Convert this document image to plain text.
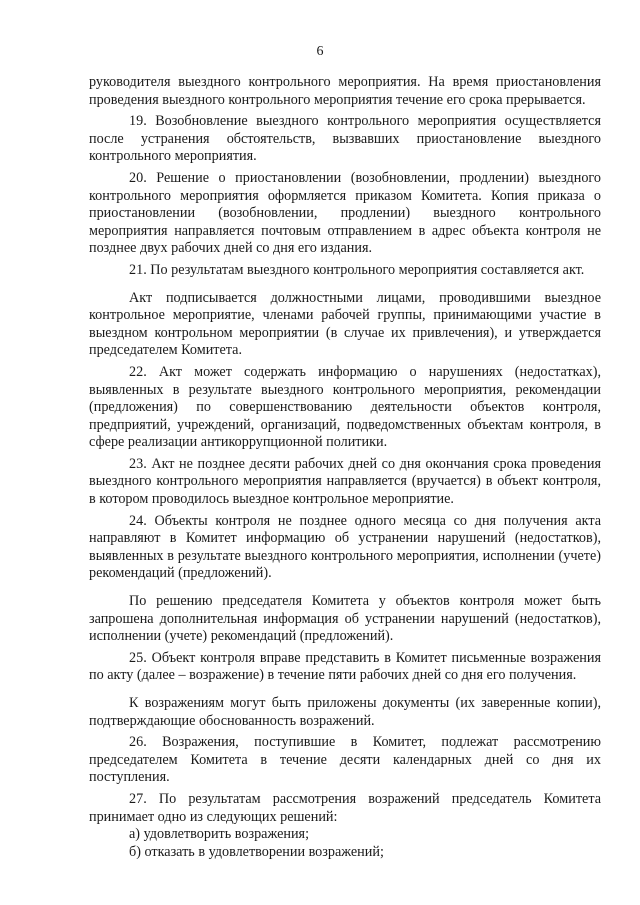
6

руководителя выездного контрольного мероприятия. На время приостановления проведения выездного контрольного мероприятия течение его срока прерывается.

19. Возобновление выездного контрольного мероприятия осуществляется после устранения обстоятельств, вызвавших приостановление выездного контрольного мероприятия.

20. Решение о приостановлении (возобновлении, продлении) выездного контрольного мероприятия оформляется приказом Комитета. Копия приказа о приостановлении (возобновлении, продлении) выездного контрольного мероприятия направляется почтовым отправлением в адрес объекта контроля не позднее двух рабочих дней со дня его издания.

21. По результатам выездного контрольного мероприятия составляется акт.

Акт подписывается должностными лицами, проводившими выездное контрольное мероприятие, членами рабочей группы, принимающими участие в выездном контрольном мероприятии (в случае их привлечения), и утверждается председателем Комитета.

22. Акт может содержать информацию о нарушениях (недостатках), выявленных в результате выездного контрольного мероприятия, рекомендации (предложения) по совершенствованию деятельности объектов контроля, предприятий, учреждений, организаций, подведомственных объектам контроля, в сфере реализации антикоррупционной политики.

23. Акт не позднее десяти рабочих дней со дня окончания срока проведения выездного контрольного мероприятия направляется (вручается) в объект контроля, в котором проводилось выездное контрольное мероприятие.

24. Объекты контроля не позднее одного месяца со дня получения акта направляют в Комитет информацию об устранении нарушений (недостатков), выявленных в результате выездного контрольного мероприятия, исполнении (учете) рекомендаций (предложений).

По решению председателя Комитета у объектов контроля может быть запрошена дополнительная информация об устранении нарушений (недостатков), исполнении (учете) рекомендаций (предложений).

25. Объект контроля вправе представить в Комитет письменные возражения по акту (далее – возражение) в течение пяти рабочих дней со дня его получения.

К возражениям могут быть приложены документы (их заверенные копии), подтверждающие обоснованность возражений.

26. Возражения, поступившие в Комитет, подлежат рассмотрению председателем Комитета в течение десяти календарных дней со дня их поступления.

27. По результатам рассмотрения возражений председатель Комитета принимает одно из следующих решений:

а) удовлетворить возражения;

б) отказать в удовлетворении возражений;
